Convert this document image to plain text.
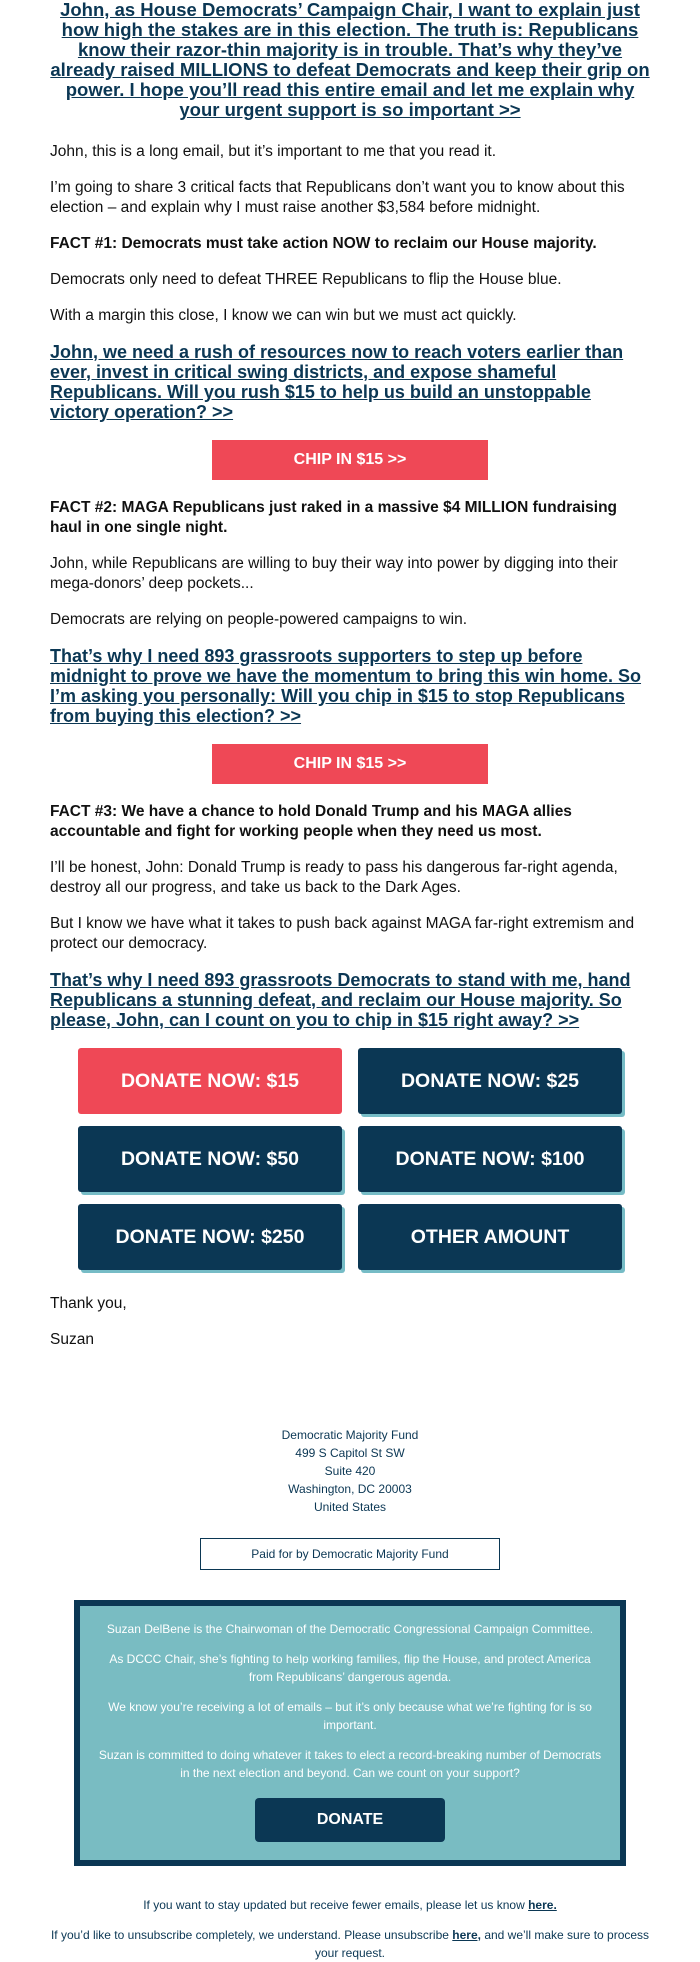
John, as House Democrats’ Campaign Chair, I want to explain just how high the stakes are in this election. The truth is: Republicans know their razor-thin majority is in trouble. That’s why they’ve already raised MILLIONS to defeat Democrats and keep their grip on power. I hope you’ll read this entire email and let me explain why your urgent support is so important >>

John, this is a long email, but it’s important to me that you read it.

I’m going to share 3 critical facts that Republicans don’t want you to know about this election – and explain why I must raise another $3,584 before midnight.

FACT #1: Democrats must take action NOW to reclaim our House majority.

Democrats only need to defeat THREE Republicans to flip the House blue.

With a margin this close, I know we can win but we must act quickly.

John, we need a rush of resources now to reach voters earlier than ever, invest in critical swing districts, and expose shameful Republicans. Will you rush $15 to help us build an unstoppable victory operation? >>
CHIP IN $15 >>

FACT #2: MAGA Republicans just raked in a massive $4 MILLION fundraising haul in one single night.

John, while Republicans are willing to buy their way into power by digging into their mega-donors’ deep pockets...

Democrats are relying on people-powered campaigns to win.

That’s why I need 893 grassroots supporters to step up before midnight to prove we have the momentum to bring this win home. So I’m asking you personally: Will you chip in $15 to stop Republicans from buying this election? >>
CHIP IN $15 >>

FACT #3: We have a chance to hold Donald Trump and his MAGA allies accountable and fight for working people when they need us most.

I’ll be honest, John: Donald Trump is ready to pass his dangerous far-right agenda, destroy all our progress, and take us back to the Dark Ages.

But I know we have what it takes to push back against MAGA far-right extremism and protect our democracy.

That’s why I need 893 grassroots Democrats to stand with me, hand Republicans a stunning defeat, and reclaim our House majority. So please, John, can I count on you to chip in $15 right away? >>
DONATE NOW: $15	DONATE NOW: $25
DONATE NOW: $50	DONATE NOW: $100
DONATE NOW: $250	OTHER AMOUNT

Thank you,

Suzan

Democratic Majority Fund
499 S Capitol St SW
Suite 420
Washington, DC 20003
United States
Paid for by Democratic Majority Fund

Suzan DelBene is the Chairwoman of the Democratic Congressional Campaign Committee.

As DCCC Chair, she’s fighting to help working families, flip the House, and protect America from Republicans’ dangerous agenda.

We know you’re receiving a lot of emails – but it’s only because what we’re fighting for is so important.

Suzan is committed to doing whatever it takes to elect a record-breaking number of Democrats in the next election and beyond. Can we count on your support?

DONATE

If you want to stay updated but receive fewer emails, please let us know here.

If you’d like to unsubscribe completely, we understand. Please unsubscribe here, and we’ll make sure to process your request.
